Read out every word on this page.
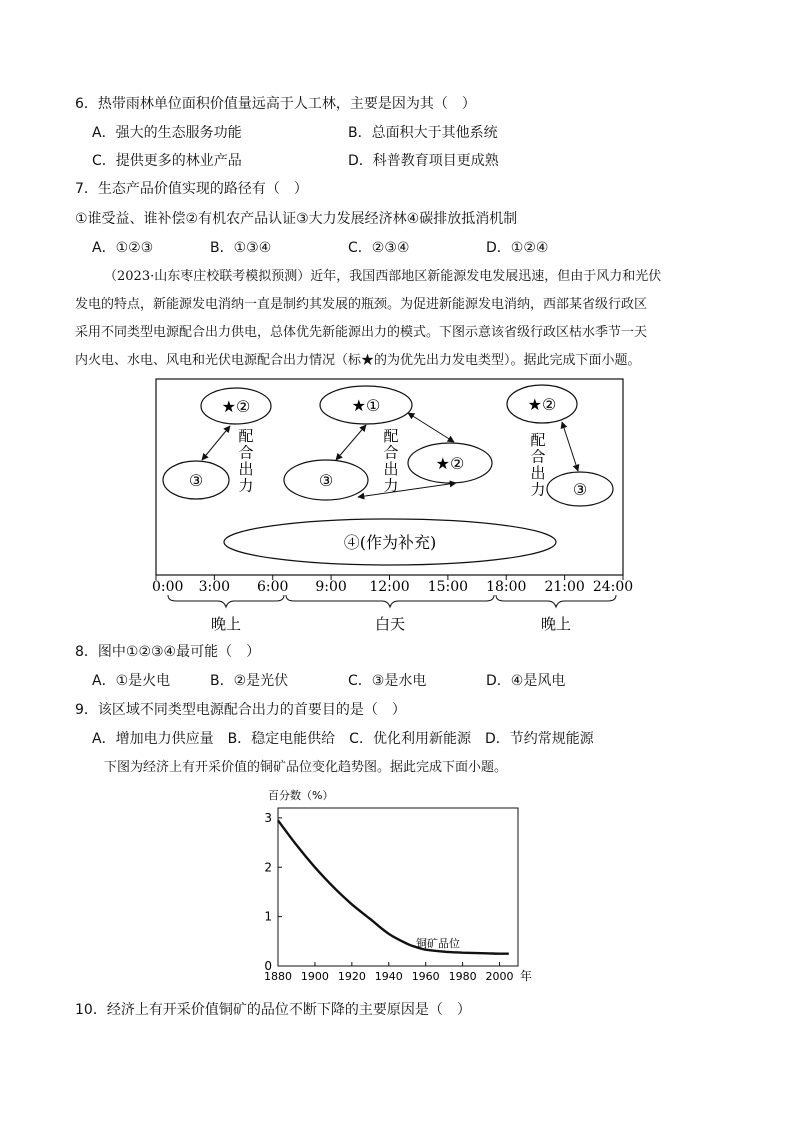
6．热带雨林单位面积价值量远高于人工林，主要是因为其（　）
A．强大的生态服务功能	B．总面积大于其他系统
C．提供更多的林业产品	D．科普教育项目更成熟
7．生态产品价值实现的路径有（　）
①谁受益、谁补偿②有机农产品认证③大力发展经济林④碳排放抵消机制
A．①②③	B．①③④	C．②③④	D．①②④
（2023·山东枣庄校联考模拟预测）近年，我国西部地区新能源发电发展迅速，但由于风力和光伏
发电的特点，新能源发电消纳一直是制约其发展的瓶颈。为促进新能源发电消纳，西部某省级行政区
采用不同类型电源配合出力供电，总体优先新能源出力的模式。下图示意该省级行政区枯水季节一天
内火电、水电、风电和光伏电源配合出力情况（标★的为优先出力发电类型）。据此完成下面小题。
★②
③
配合出力
★①
③
★②
配合出力
★②
③
配合出力
④(作为补充)
0:00 3:00 6:00 9:00 12:00 15:00 18:00 21:00 24:00
晚上	白天	晚上
8．图中①②③④最可能（　）
A．①是火电	B．②是光伏	C．③是水电	D．④是风电
9．该区域不同类型电源配合出力的首要目的是（　）
A．增加电力供应量　B．稳定电能供给　C．优化利用新能源　D．节约常规能源
下图为经济上有开采价值的铜矿品位变化趋势图。据此完成下面小题。
百分数（%）
1880 1900 1920 1940 1960 1980 2000
0
1
2
3
铜矿品位
年
10．经济上有开采价值铜矿的品位不断下降的主要原因是（　）
